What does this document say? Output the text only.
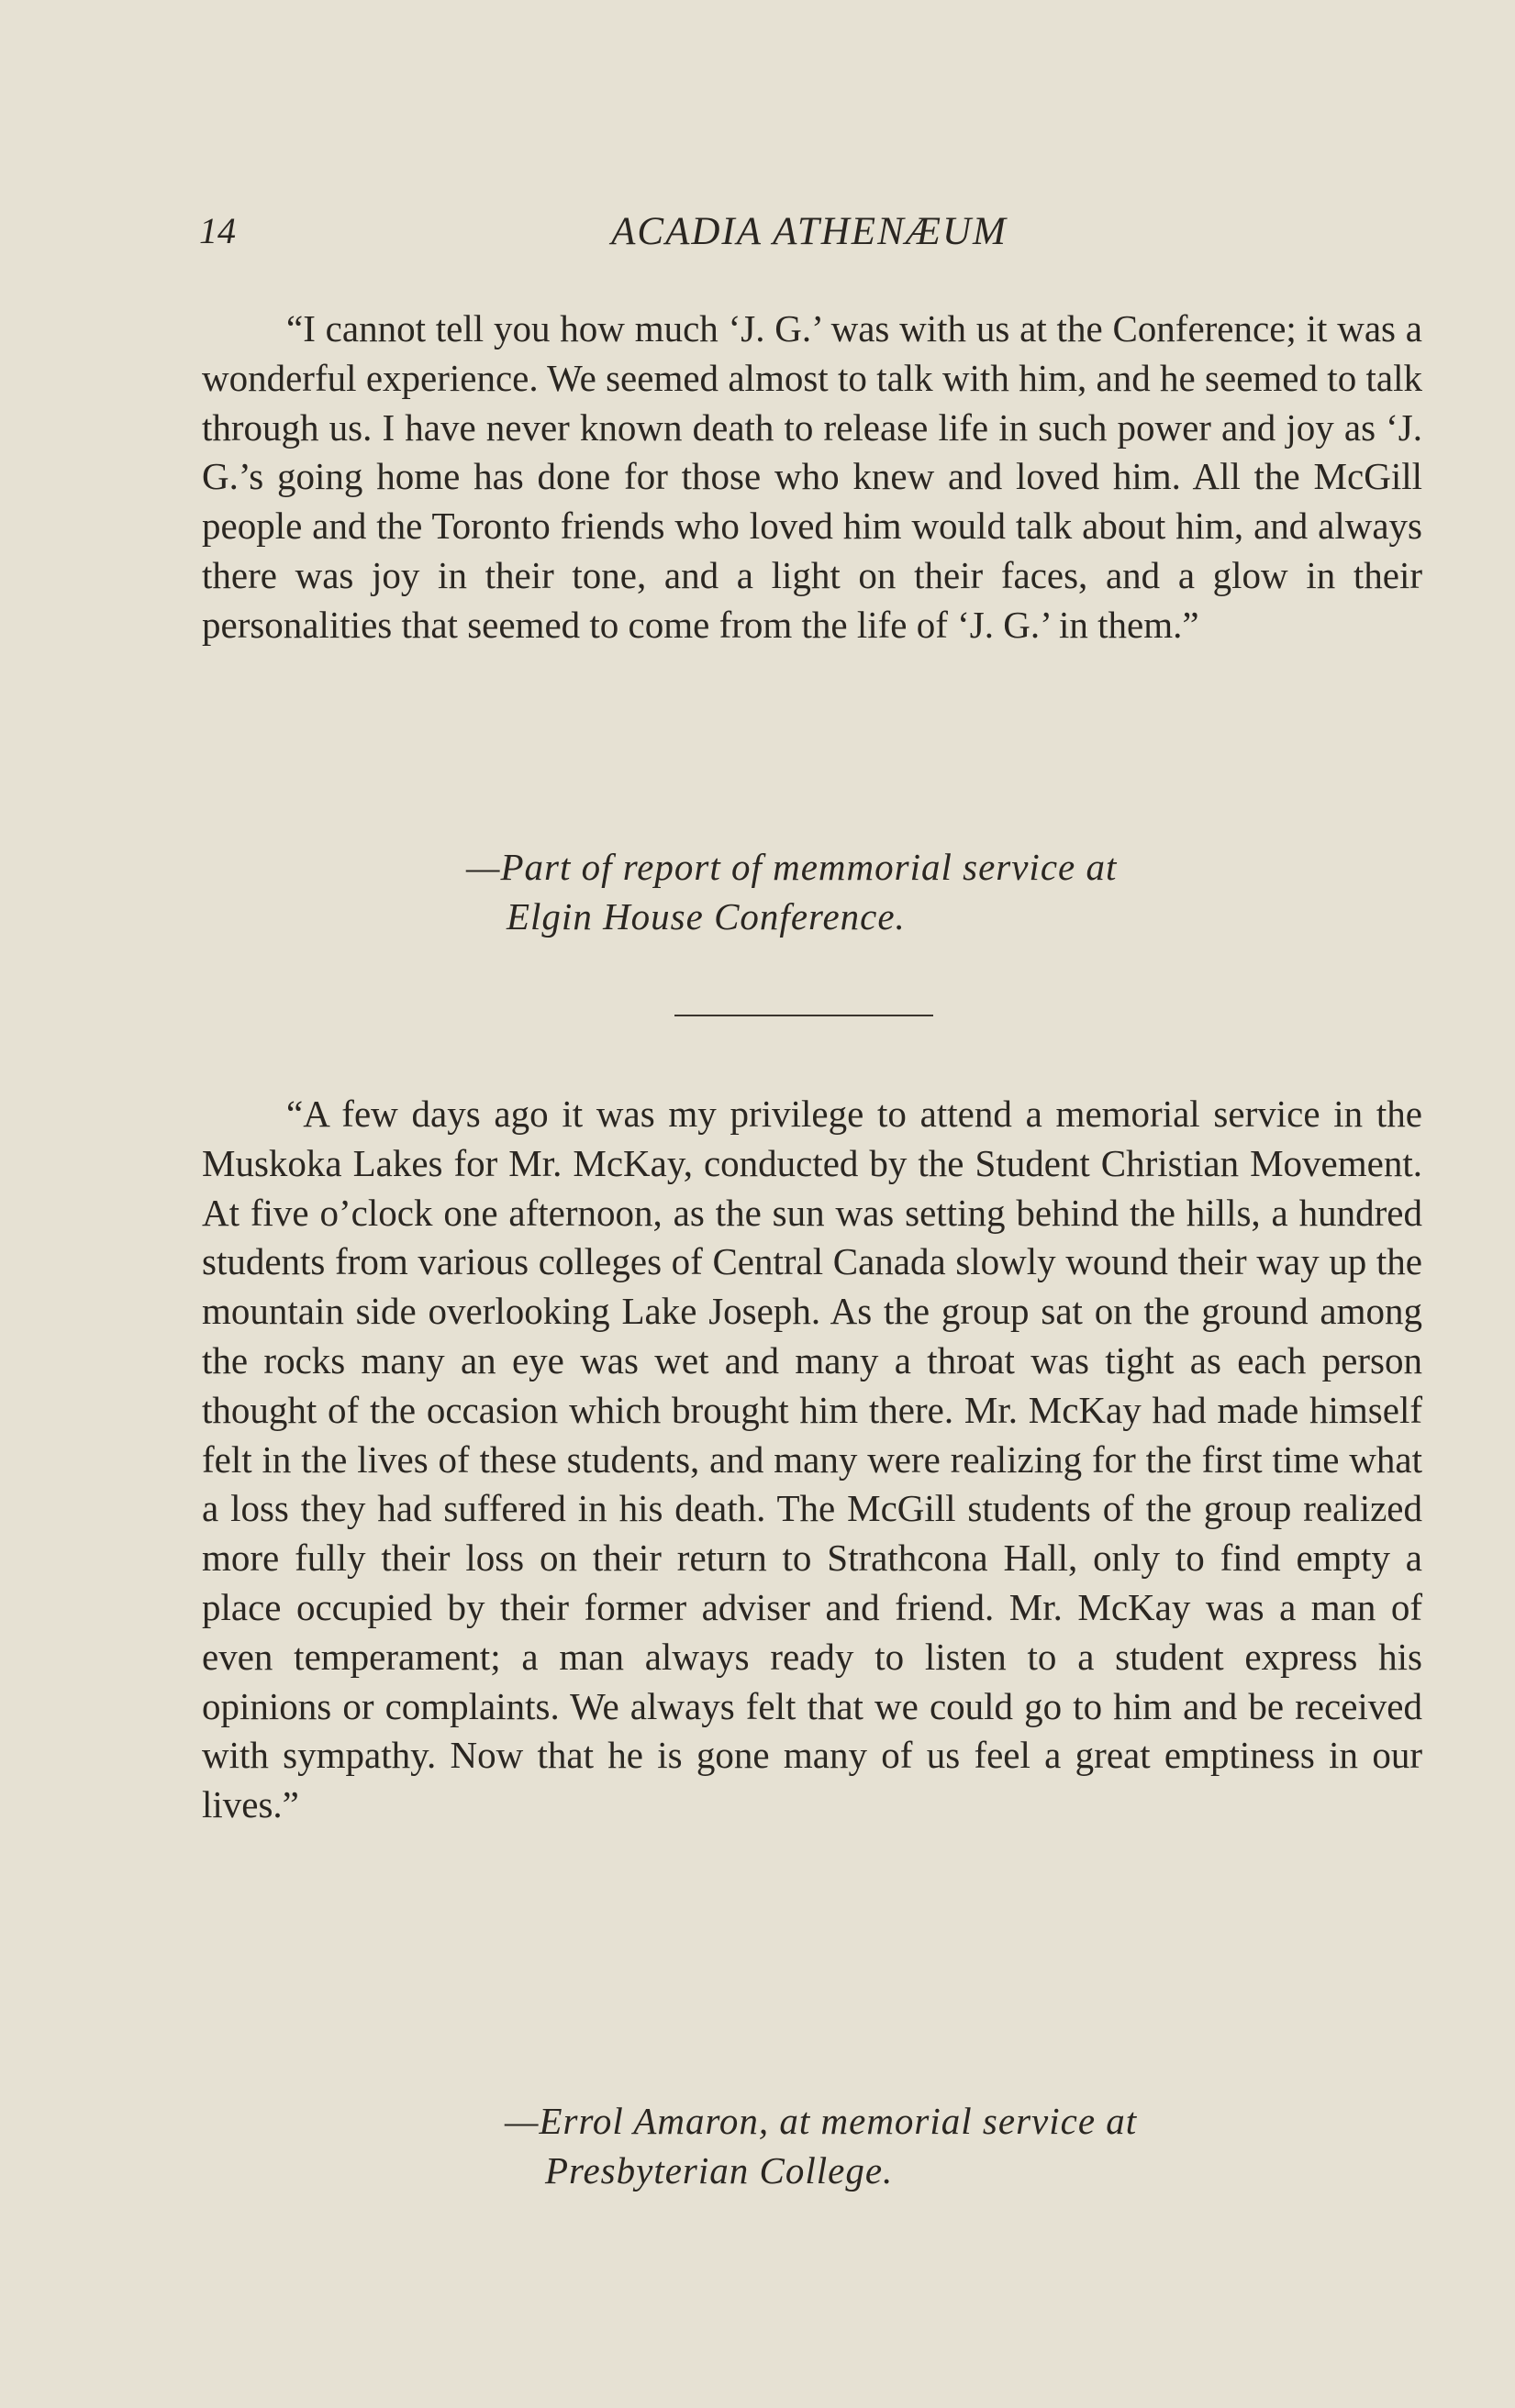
14	ACADIA ATHENÆUM

“I cannot tell you how much ‘J. G.’ was with us at the Conference; it was a wonderful experience. We seemed almost to talk with him, and he seemed to talk through us. I have never known death to release life in such power and joy as ‘J. G.’s going home has done for those who knew and loved him. All the McGill people and the Toronto friends who loved him would talk about him, and always there was joy in their tone, and a light on their faces, and a glow in their personalities that seemed to come from the life of ‘J. G.’ in them.”

—Part of report of memmorial service at
Elgin House Conference.

“A few days ago it was my privilege to attend a memorial service in the Muskoka Lakes for Mr. McKay, conducted by the Student Christian Movement. At five o’clock one afternoon, as the sun was setting behind the hills, a hundred students from various colleges of Central Canada slowly wound their way up the mountain side overlooking Lake Joseph. As the group sat on the ground among the rocks many an eye was wet and many a throat was tight as each person thought of the occasion which brought him there. Mr. McKay had made himself felt in the lives of these students, and many were realizing for the first time what a loss they had suffered in his death. The McGill students of the group realized more fully their loss on their return to Strathcona Hall, only to find empty a place occupied by their former adviser and friend. Mr. McKay was a man of even temperament; a man always ready to listen to a student express his opinions or complaints. We always felt that we could go to him and be received with sympathy. Now that he is gone many of us feel a great emptiness in our lives.”

—Errol Amaron, at memorial service at
Presbyterian College.
